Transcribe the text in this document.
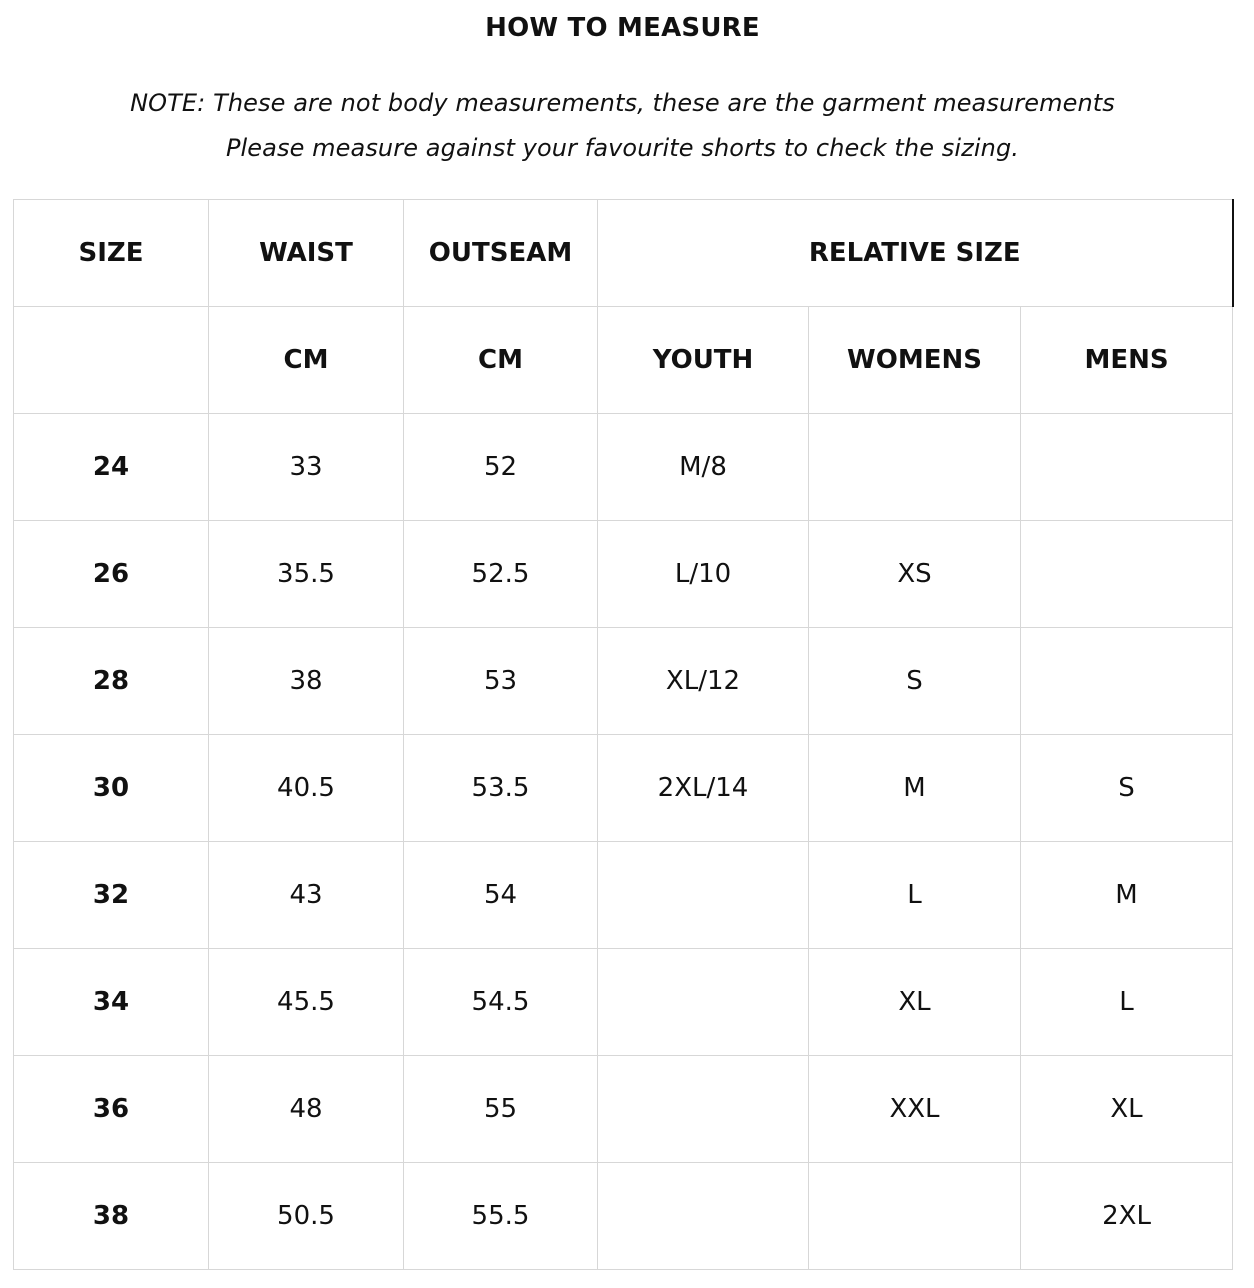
HOW TO MEASURE
NOTE: These are not body measurements, these are the garment measurements
Please measure against your favourite shorts to check the sizing.
SIZE	WAIST	OUTSEAM	RELATIVE SIZE		
	CM	CM	YOUTH	WOMENS	MENS
24	33	52	M/8		
26	35.5	52.5	L/10	XS	
28	38	53	XL/12	S	
30	40.5	53.5	2XL/14	M	S
32	43	54		L	M
34	45.5	54.5		XL	L
36	48	55		XXL	XL
38	50.5	55.5			2XL
